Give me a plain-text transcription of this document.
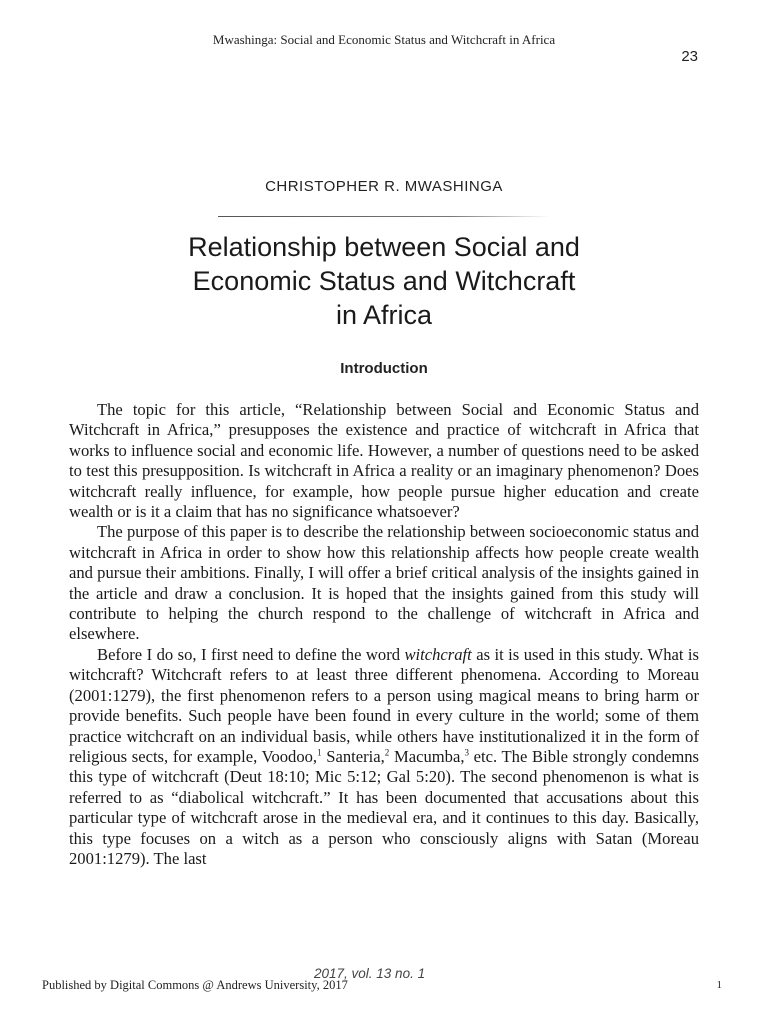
Mwashinga: Social and Economic Status and Witchcraft in Africa
23
CHRISTOPHER R. MWASHINGA
Relationship between Social and
Economic Status and Witchcraft
in Africa
Introduction

The topic for this article, “Relationship between Social and Economic Status and Witchcraft in Africa,” presupposes the existence and practice of witchcraft in Africa that works to influence social and economic life. However, a number of questions need to be asked to test this presupposition. Is witchcraft in Africa a reality or an imaginary phenomenon? Does witchcraft really influence, for example, how people pursue higher education and create wealth or is it a claim that has no significance whatsoever?

The purpose of this paper is to describe the relationship between socioeconomic status and witchcraft in Africa in order to show how this relationship affects how people create wealth and pursue their ambitions. Finally, I will offer a brief critical analysis of the insights gained in the article and draw a conclusion. It is hoped that the insights gained from this study will contribute to helping the church respond to the challenge of witchcraft in Africa and elsewhere.

Before I do so, I first need to define the word witchcraft as it is used in this study. What is witchcraft? Witchcraft refers to at least three different phenomena. According to Moreau (2001:1279), the first phenomenon refers to a person using magical means to bring harm or provide benefits. Such people have been found in every culture in the world; some of them practice witchcraft on an individual basis, while others have institutionalized it in the form of religious sects, for example, Voodoo,$^1$ Santeria,$^2$ Macumba,$^3$ etc. The Bible strongly condemns this type of witchcraft (Deut 18:10; Mic 5:12; Gal 5:20). The second phenomenon is what is referred to as “diabolical witchcraft.” It has been documented that accusations about this particular type of witchcraft arose in the medieval era, and it continues to this day. Basically, this type focuses on a witch as a person who consciously aligns with Satan (Moreau 2001:1279). The last

Published by Digital Commons @ Andrews University, 2017
2017, vol. 13 no. 1
1
